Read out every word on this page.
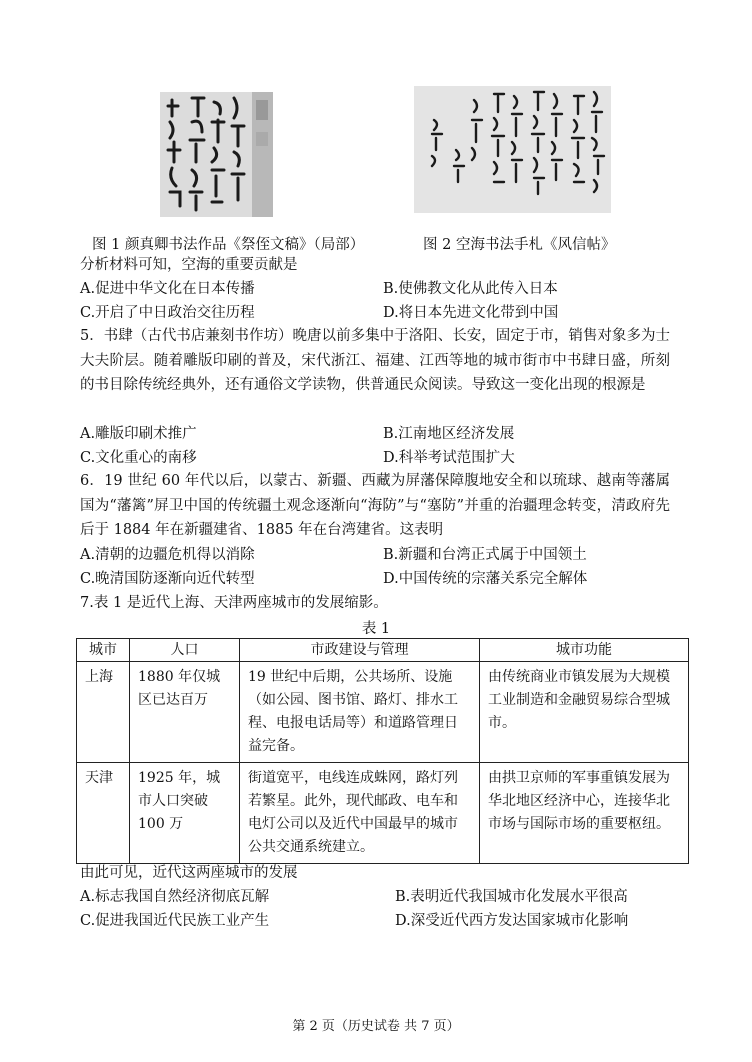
图 1 颜真卿书法作品《祭侄文稿》（局部）	图 2 空海书法手札《风信帖》
分析材料可知，空海的重要贡献是
A.促进中华文化在日本传播	B.使佛教文化从此传入日本
C.开启了中日政治交往历程	D.将日本先进文化带到中国
5．书肆（古代书店兼刻书作坊）晚唐以前多集中于洛阳、长安，固定于市，销售对象多为士大夫阶层。随着雕版印刷的普及，宋代浙江、福建、江西等地的城市街市中书肆日盛，所刻的书目除传统经典外，还有通俗文学读物，供普通民众阅读。导致这一变化出现的根源是
A.雕版印刷术推广	B.江南地区经济发展
C.文化重心的南移	D.科举考试范围扩大
6．19 世纪 60 年代以后，以蒙古、新疆、西藏为屏藩保障腹地安全和以琉球、越南等藩属国为“藩篱”屏卫中国的传统疆土观念逐渐向“海防”与“塞防”并重的治疆理念转变，清政府先后于 1884 年在新疆建省、1885 年在台湾建省。这表明
A.清朝的边疆危机得以消除	B.新疆和台湾正式属于中国领土
C.晚清国防逐渐向近代转型	D.中国传统的宗藩关系完全解体
7.表 1 是近代上海、天津两座城市的发展缩影。
表 1
城市	人口	市政建设与管理	城市功能
上海	1880 年仅城区已达百万	19 世纪中后期，公共场所、设施（如公园、图书馆、路灯、排水工程、电报电话局等）和道路管理日益完备。	由传统商业市镇发展为大规模工业制造和金融贸易综合型城市。
天津	1925 年，城市人口突破 100 万	街道宽平，电线连成蛛网，路灯列若繁星。此外，现代邮政、电车和电灯公司以及近代中国最早的城市公共交通系统建立。	由拱卫京师的军事重镇发展为华北地区经济中心，连接华北市场与国际市场的重要枢纽。
由此可见，近代这两座城市的发展
A.标志我国自然经济彻底瓦解	B.表明近代我国城市化发展水平很高
C.促进我国近代民族工业产生	D.深受近代西方发达国家城市化影响
第 2 页（历史试卷 共 7 页）
